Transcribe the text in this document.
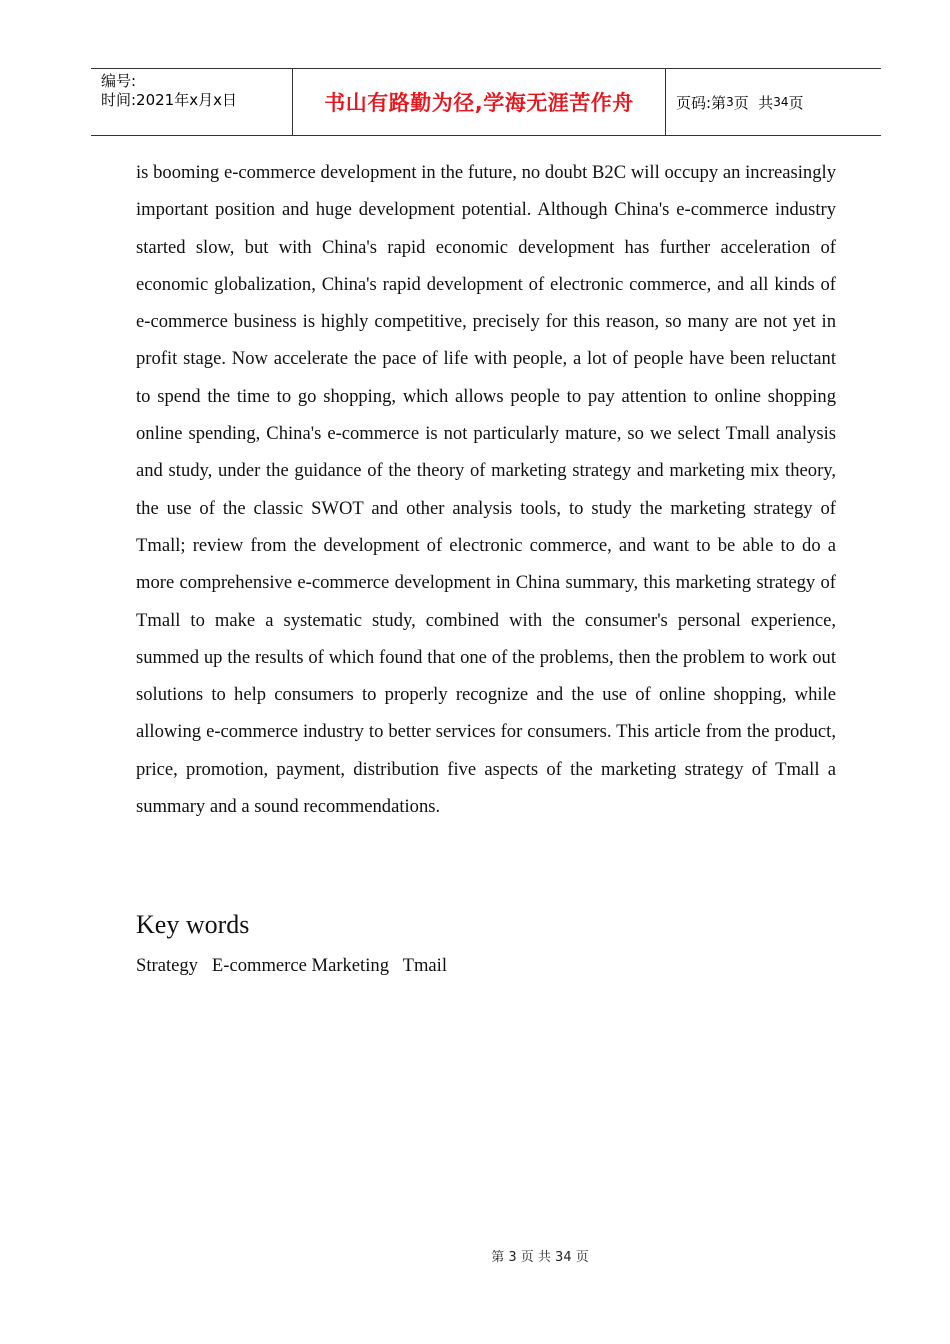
编号:
时间:2021年x月x日	书山有路勤为径,学海无涯苦作舟	页码:第 3 页  共 34 页

is booming e-commerce development in the future, no doubt B2C will occupy an increasingly important position and huge development potential. Although China's e-commerce industry started slow, but with China's rapid economic development has further acceleration of economic globalization, China's rapid development of electronic commerce, and all kinds of e-commerce business is highly competitive, precisely for this reason, so many are not yet in profit stage. Now accelerate the pace of life with people, a lot of people have been reluctant to spend the time to go shopping, which allows people to pay attention to online shopping online spending, China's e-commerce is not particularly mature, so we select Tmall analysis and study, under the guidance of the theory of marketing strategy and marketing mix theory, the use of the classic SWOT and other analysis tools, to study the marketing strategy of Tmall; review from the development of electronic commerce, and want to be able to do a more comprehensive e-commerce development in China summary, this marketing strategy of Tmall to make a systematic study, combined with the consumer's personal experience, summed up the results of which found that one of the problems, then the problem to work out solutions to help consumers to properly recognize and the use of online shopping, while allowing e-commerce industry to better services for consumers. This article from the product, price, promotion, payment, distribution five aspects of the marketing strategy of Tmall a summary and a sound recommendations.

Key words

Strategy   E-commerce Marketing   Tmail

第 3 页 共 34 页
